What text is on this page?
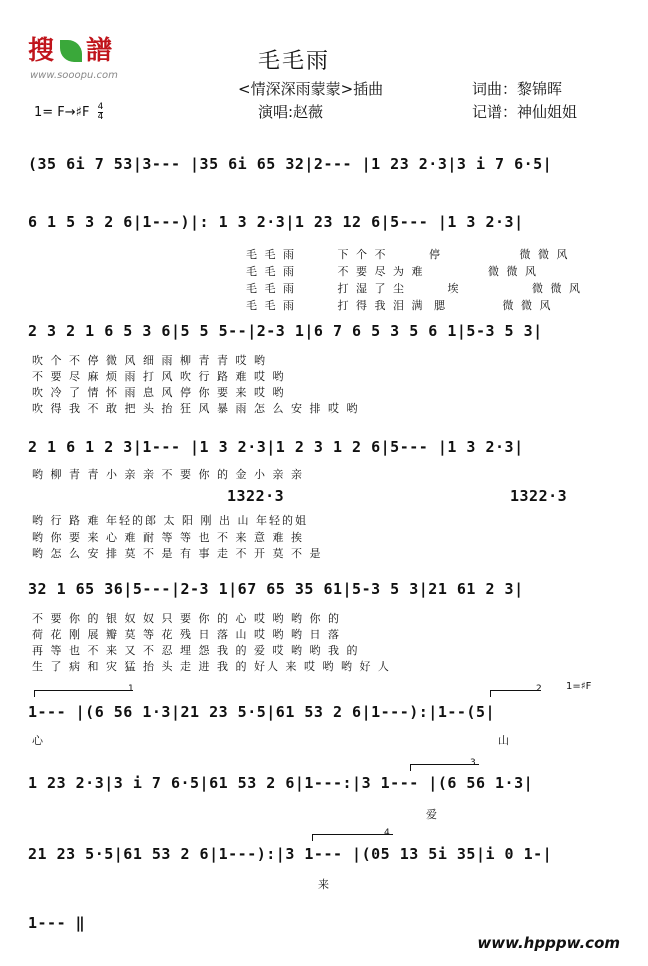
搜 譜
www.sooopu.com
毛毛雨
<情深深雨蒙蒙>插曲	词曲：黎锦晖
演唱:赵薇	记谱：神仙姐姐
1= F→♯F $\frac{4}{4}$
(35 6i 7 53|3--- |35 6i 65 32|2--- |1 23 2·3|3 i 7 6·5|
6 1 5 3 2 6|1---)|: 1 3 2·3|1 23 12 6|5--- |1 3 2·3|
毛 毛 雨	下 个 不	停	微 微 风
毛 毛 雨	不 要 尽 为 难	微 微 风
毛 毛 雨	打 湿 了 尘	埃	微 微 风
毛 毛 雨	打 得 我 泪 满 腮	微 微 风
2 3 2 1 6 5 3 6|5 5 5--|2-3 1|6 7 6 5 3 5 6 1|5-3 5 3|
吹 个 不 停 微 风 细 雨 柳 青 青 哎 哟
不 要 尽 麻 烦 雨 打 风 吹 行 路 难 哎 哟
吹 冷 了 情 怀 雨 息 风 停 你 要 来 哎 哟
吹 得 我 不 敢 把 头 抬 狂 风 暴 雨 怎 么 安 排 哎 哟
2 1 6 1 2 3|1--- |1 3 2·3|1 2 3 1 2 6|5--- |1 3 2·3|
哟 柳 青 青 小 亲 亲 不 要 你 的 金 小 亲 亲
1322·3	1322·3
哟 行 路 难 年轻的郎 太 阳 刚 出 山 年轻的姐
哟 你 要 来 心 难 耐 等 等 也 不 来 意 难 挨
哟 怎 么 安 排 莫 不 是 有 事 走 不 开 莫 不 是
32 1 65 36|5---|2-3 1|67 65 35 61|5-3 5 3|21 61 2 3|
不 要 你 的 银 奴 奴 只 要 你 的 心 哎 哟 哟 你 的
荷 花 刚 展 瓣 莫 等 花 残 日 落 山 哎 哟 哟 日 落
再 等 也 不 来 又 不 忍 埋 怨 我 的 爱 哎 哟 哟 我 的
生 了 病 和 灾 猛 抬 头 走 进 我 的 好人 来 哎 哟 哟 好 人
1	2 1=♯F
1--- |(6 56 1·3|21 23 5·5|61 53 2 6|1---):|1--(5|
心	山
3
1 23 2·3|3 i 7 6·5|61 53 2 6|1---:|3 1--- |(6 56 1·3|
爱
4
21 23 5·5|61 53 2 6|1---):|3 1--- |(05 13 5i 35|i 0 1-|
来
1--- ‖
www.hpppw.com
